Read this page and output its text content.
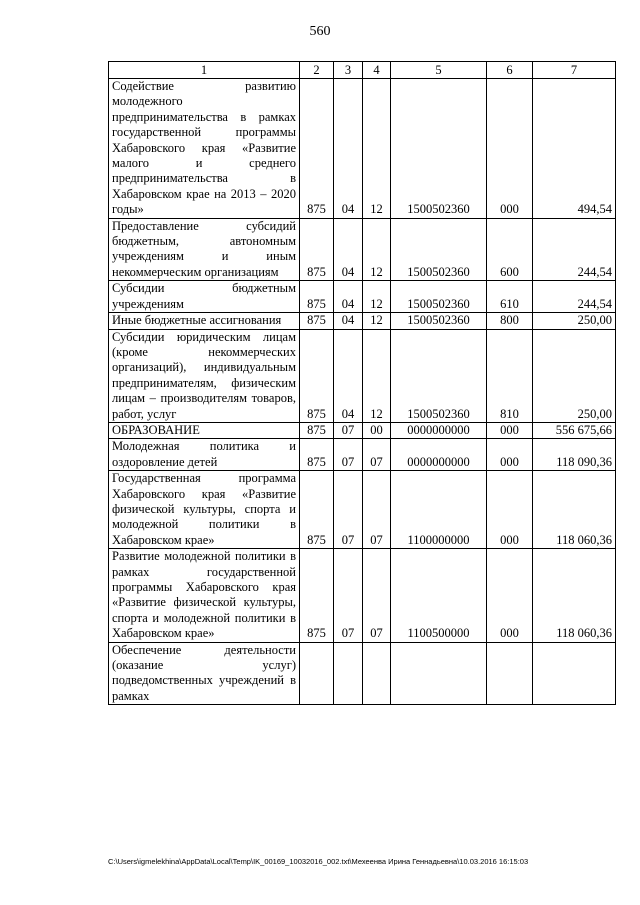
560
1	2	3	4	5	6	7
Содействие развитию молодежного предпринимательства в рамках государственной программы Хабаровского края «Развитие малого и среднего предпринимательства в Хабаровском крае на 2013 – 2020 годы»	875	04	12	1500502360	000	494,54
Предоставление субсидий бюджетным, автономным учреждениям и иным некоммерческим организациям	875	04	12	1500502360	600	244,54
Субсидии бюджетным учреждениям	875	04	12	1500502360	610	244,54
Иные бюджетные ассигнования	875	04	12	1500502360	800	250,00
Субсидии юридическим лицам (кроме некоммерческих организаций), индивидуальным предпринимателям, физическим лицам – производителям товаров, работ, услуг	875	04	12	1500502360	810	250,00
ОБРАЗОВАНИЕ	875	07	00	0000000000	000	556 675,66
Молодежная политика и оздоровление детей	875	07	07	0000000000	000	118 090,36
Государственная программа Хабаровского края «Развитие физической культуры, спорта и молодежной политики в Хабаровском крае»	875	07	07	1100000000	000	118 060,36
Развитие молодежной политики в рамках государственной программы Хабаровского края «Развитие физической культуры, спорта и молодежной политики в Хабаровском крае»	875	07	07	1100500000	000	118 060,36
Обеспечение деятельности (оказание услуг) подведомственных учреждений в рамках						
C:\Users\igmelekhina\AppData\Local\Temp\IK_00169_10032016_002.txt\Мехеенва Ирина Геннадьевна\10.03.2016 16:15:03
